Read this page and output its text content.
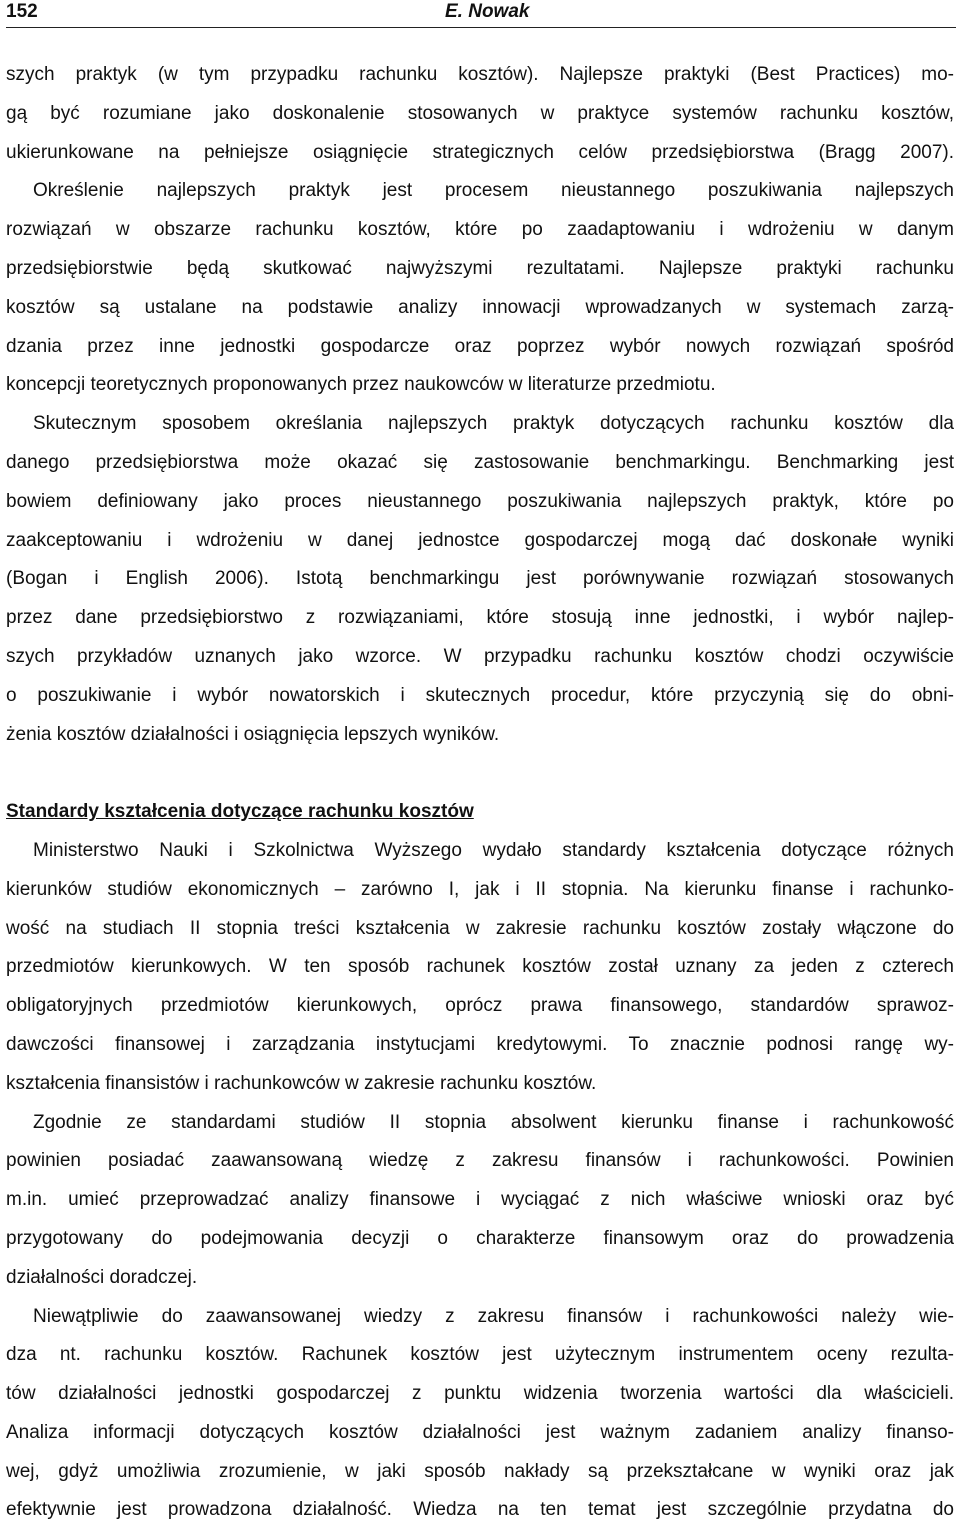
152	E. Nowak
szych praktyk (w tym przypadku rachunku kosztów). Najlepsze praktyki (Best Practices) mo-
gą być rozumiane jako doskonalenie stosowanych w praktyce systemów rachunku kosztów,
ukierunkowane na pełniejsze osiągnięcie strategicznych celów przedsiębiorstwa (Bragg 2007).
Określenie najlepszych praktyk jest procesem nieustannego poszukiwania najlepszych
rozwiązań w obszarze rachunku kosztów, które po zaadaptowaniu i wdrożeniu w danym
przedsiębiorstwie będą skutkować najwyższymi rezultatami. Najlepsze praktyki rachunku
kosztów są ustalane na podstawie analizy innowacji wprowadzanych w systemach zarzą-
dzania przez inne jednostki gospodarcze oraz poprzez wybór nowych rozwiązań spośród
koncepcji teoretycznych proponowanych przez naukowców w literaturze przedmiotu.
Skutecznym sposobem określania najlepszych praktyk dotyczących rachunku kosztów dla
danego przedsiębiorstwa może okazać się zastosowanie benchmarkingu. Benchmarking jest
bowiem definiowany jako proces nieustannego poszukiwania najlepszych praktyk, które po
zaakceptowaniu i wdrożeniu w danej jednostce gospodarczej mogą dać doskonałe wyniki
(Bogan i English 2006). Istotą benchmarkingu jest porównywanie rozwiązań stosowanych
przez dane przedsiębiorstwo z rozwiązaniami, które stosują inne jednostki, i wybór najlep-
szych przykładów uznanych jako wzorce. W przypadku rachunku kosztów chodzi oczywiście
o poszukiwanie i wybór nowatorskich i skutecznych procedur, które przyczynią się do obni-
żenia kosztów działalności i osiągnięcia lepszych wyników.
Standardy kształcenia dotyczące rachunku kosztów
Ministerstwo Nauki i Szkolnictwa Wyższego wydało standardy kształcenia dotyczące różnych
kierunków studiów ekonomicznych – zarówno I, jak i II stopnia. Na kierunku finanse i rachunko-
wość na studiach II stopnia treści kształcenia w zakresie rachunku kosztów zostały włączone do
przedmiotów kierunkowych. W ten sposób rachunek kosztów został uznany za jeden z czterech
obligatoryjnych przedmiotów kierunkowych, oprócz prawa finansowego, standardów sprawoz-
dawczości finansowej i zarządzania instytucjami kredytowymi. To znacznie podnosi rangę wy-
kształcenia finansistów i rachunkowców w zakresie rachunku kosztów.
Zgodnie ze standardami studiów II stopnia absolwent kierunku finanse i rachunkowość
powinien posiadać zaawansowaną wiedzę z zakresu finansów i rachunkowości. Powinien
m.in. umieć przeprowadzać analizy finansowe i wyciągać z nich właściwe wnioski oraz być
przygotowany do podejmowania decyzji o charakterze finansowym oraz do prowadzenia
działalności doradczej.
Niewątpliwie do zaawansowanej wiedzy z zakresu finansów i rachunkowości należy wie-
dza nt. rachunku kosztów. Rachunek kosztów jest użytecznym instrumentem oceny rezulta-
tów działalności jednostki gospodarczej z punktu widzenia tworzenia wartości dla właścicieli.
Analiza informacji dotyczących kosztów działalności jest ważnym zadaniem analizy finanso-
wej, gdyż umożliwia zrozumienie, w jaki sposób nakłady są przekształcane w wyniki oraz jak
efektywnie jest prowadzona działalność. Wiedza na ten temat jest szczególnie przydatna do
